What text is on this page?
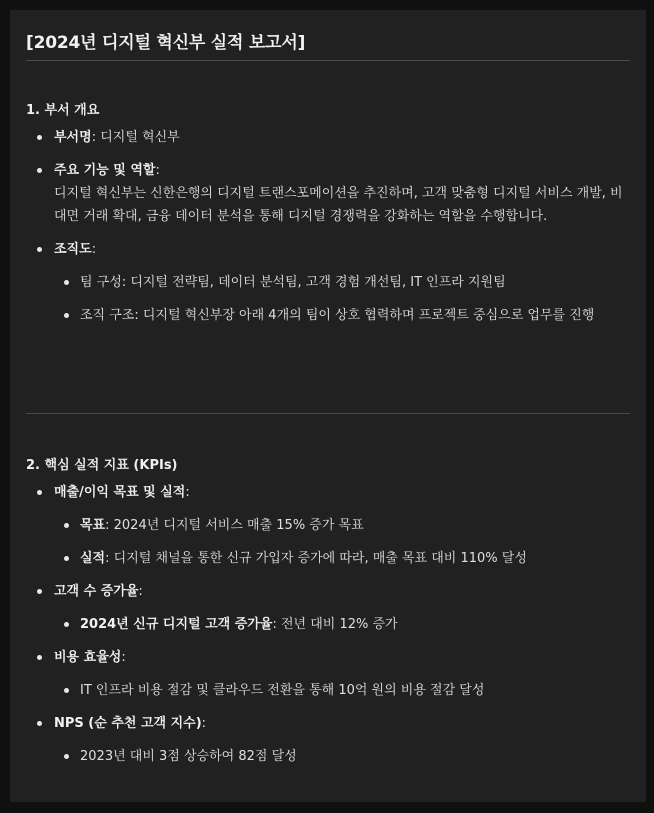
[2024년 디지털 혁신부 실적 보고서]
1. 부서 개요
부서명: 디지털 혁신부
주요 기능 및 역할:
디지털 혁신부는 신한은행의 디지털 트랜스포메이션을 추진하며, 고객 맞춤형 디지털 서비스 개발, 비대면 거래 확대, 금융 데이터 분석을 통해 디지털 경쟁력을 강화하는 역할을 수행합니다.
조직도:
팀 구성: 디지털 전략팀, 데이터 분석팀, 고객 경험 개선팀, IT 인프라 지원팀
조직 구조: 디지털 혁신부장 아래 4개의 팀이 상호 협력하며 프로젝트 중심으로 업무를 진행
2. 핵심 실적 지표 (KPIs)
매출/이익 목표 및 실적:
목표: 2024년 디지털 서비스 매출 15% 증가 목표
실적: 디지털 채널을 통한 신규 가입자 증가에 따라, 매출 목표 대비 110% 달성
고객 수 증가율:
2024년 신규 디지털 고객 증가율: 전년 대비 12% 증가
비용 효율성:
IT 인프라 비용 절감 및 클라우드 전환을 통해 10억 원의 비용 절감 달성
NPS (순 추천 고객 지수):
2023년 대비 3점 상승하여 82점 달성
